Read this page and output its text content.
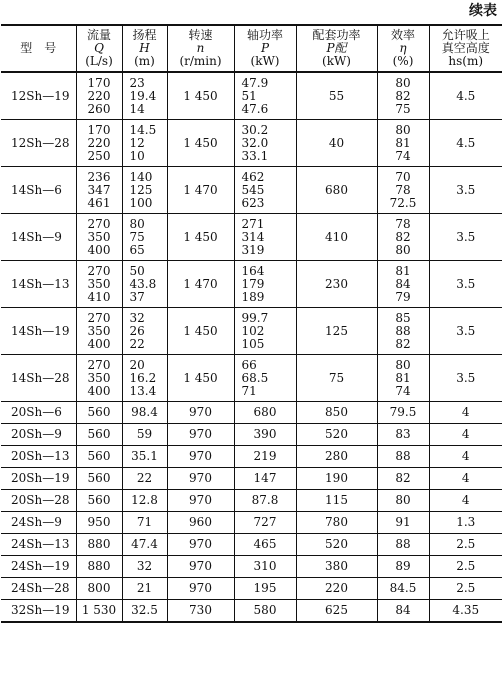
续表
型　号	流量
Q
(L/s)	扬程
H
(m)	转速
n
(r/min)	轴功率
P
(kW)	配套功率
P配
(kW)	效率
η
(%)	允许吸上
真空高度
hs(m)

12Sh—19	170
220
260	23
19.4
14	1 450	47.9
51
47.6	55	80
82
75	4.5
12Sh—28	170
220
250	14.5
12
10	1 450	30.2
32.0
33.1	40	80
81
74	4.5
14Sh—6	236
347
461	140
125
100	1 470	462
545
623	680	70
78
72.5	3.5
14Sh—9	270
350
400	80
75
65	1 450	271
314
319	410	78
82
80	3.5
14Sh—13	270
350
410	50
43.8
37	1 470	164
179
189	230	81
84
79	3.5
14Sh—19	270
350
400	32
26
22	1 450	99.7
102
105	125	85
88
82	3.5
14Sh—28	270
350
400	20
16.2
13.4	1 450	66
68.5
71	75	80
81
74	3.5
20Sh—6	560	98.4	970	680	850	79.5	4
20Sh—9	560	59	970	390	520	83	4
20Sh—13	560	35.1	970	219	280	88	4
20Sh—19	560	22	970	147	190	82	4
20Sh—28	560	12.8	970	87.8	115	80	4
24Sh—9	950	71	960	727	780	91	1.3
24Sh—13	880	47.4	970	465	520	88	2.5
24Sh—19	880	32	970	310	380	89	2.5
24Sh—28	800	21	970	195	220	84.5	2.5
32Sh—19	1 530	32.5	730	580	625	84	4.35
